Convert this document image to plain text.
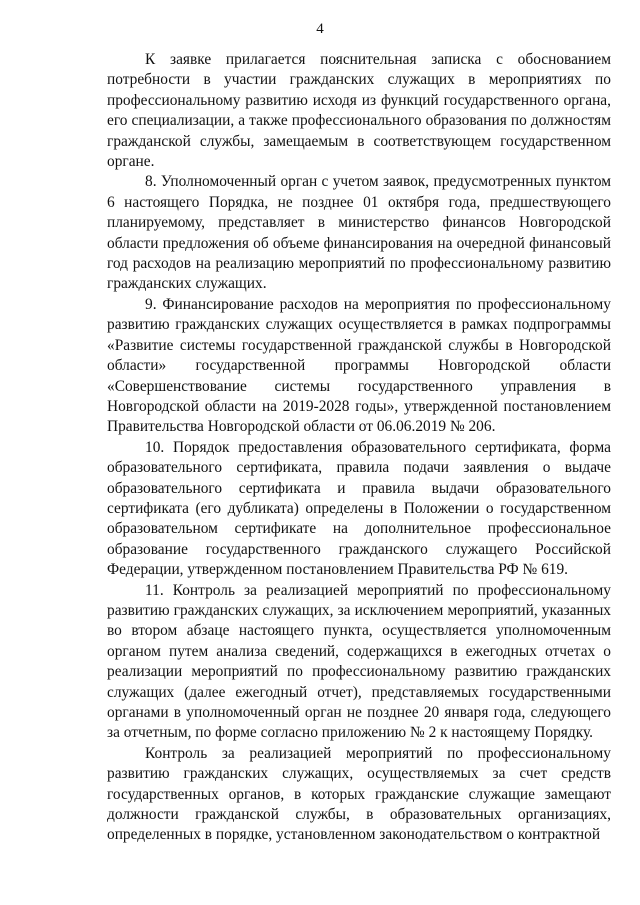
4

К заявке прилагается пояснительная записка с обоснованием потребности в участии гражданских служащих в мероприятиях по профессиональному развитию исходя из функций государственного органа, его специализации, а также профессионального образования по должностям гражданской службы, замещаемым в соответствующем государственном органе.

8. Уполномоченный орган с учетом заявок, предусмотренных пунктом 6 настоящего Порядка, не позднее 01 октября года, предшествующего планируемому, представляет в министерство финансов Новгородской области предложения об объеме финансирования на очередной финансовый год расходов на реализацию мероприятий по профессиональному развитию гражданских служащих.

9. Финансирование расходов на мероприятия по профессиональному развитию гражданских служащих осуществляется в рамках подпрограммы «Развитие системы государственной гражданской службы в Новгородской области» государственной программы Новгородской области «Совершенствование системы государственного управления в Новгородской области на 2019-2028 годы», утвержденной постановлением Правительства Новгородской области от 06.06.2019 № 206.

10. Порядок предоставления образовательного сертификата, форма образовательного сертификата, правила подачи заявления о выдаче образовательного сертификата и правила выдачи образовательного сертификата (его дубликата) определены в Положении о государственном образовательном сертификате на дополнительное профессиональное образование государственного гражданского служащего Российской Федерации, утвержденном постановлением Правительства РФ № 619.

11. Контроль за реализацией мероприятий по профессиональному развитию гражданских служащих, за исключением мероприятий, указанных во втором абзаце настоящего пункта, осуществляется уполномоченным органом путем анализа сведений, содержащихся в ежегодных отчетах о реализации мероприятий по профессиональному развитию гражданских служащих (далее ежегодный отчет), представляемых государственными органами в уполномоченный орган не позднее 20 января года, следующего за отчетным, по форме согласно приложению № 2 к настоящему Порядку.

Контроль за реализацией мероприятий по профессиональному развитию гражданских служащих, осуществляемых за счет средств государственных органов, в которых гражданские служащие замещают должности гражданской службы, в образовательных организациях, определенных в порядке, установленном законодательством о контрактной
